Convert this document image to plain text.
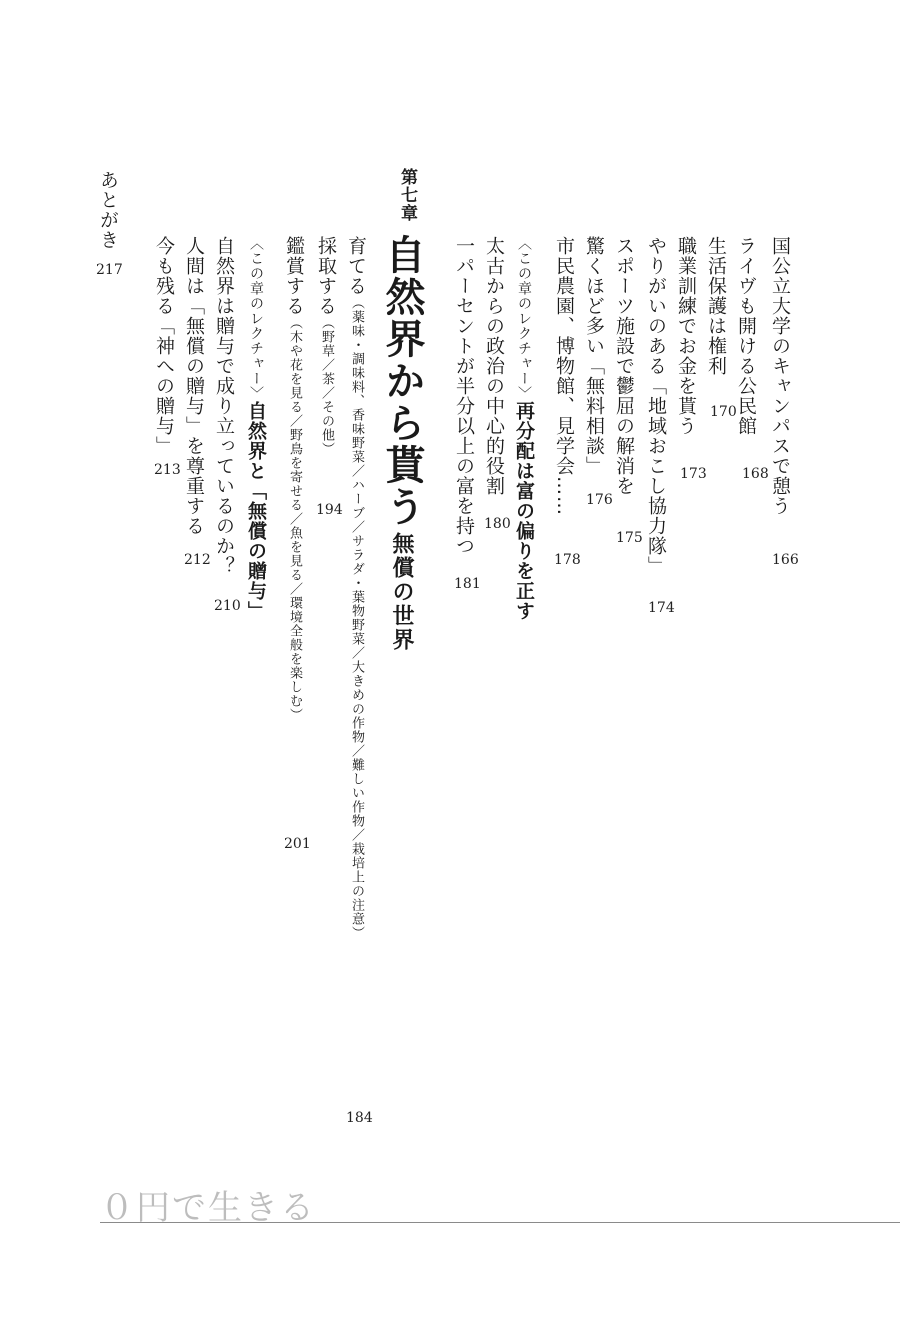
国公立大学のキャンパスで憩う
166
ライヴも開ける公民館
168
生活保護は権利
170
職業訓練でお金を貰う
173
やりがいのある「地域おこし協力隊」
174
スポーツ施設で鬱屈の解消を
175
驚くほど多い「無料相談」
176
市民農園、博物館、見学会……
178
〈この章のレクチャー〉再分配は富の偏りを正す
太古からの政治の中心的役割
180
一パーセントが半分以上の富を持つ
181
第七章
自然界から貰う
無償の世界
育てる（薬味・調味料、香味野菜／ハーブ／サラダ・葉物野菜／大きめの作物／難しい作物／栽培上の注意）
184
採取する（野草／茶／その他）
194
鑑賞する（木や花を見る／野鳥を寄せる／魚を見る／環境全般を楽しむ）
201
〈この章のレクチャー〉自然界と「無償の贈与」
自然界は贈与で成り立っているのか？
210
人間は「無償の贈与」を尊重する
212
今も残る「神への贈与」
213
あとがき
217
０円で生きる
